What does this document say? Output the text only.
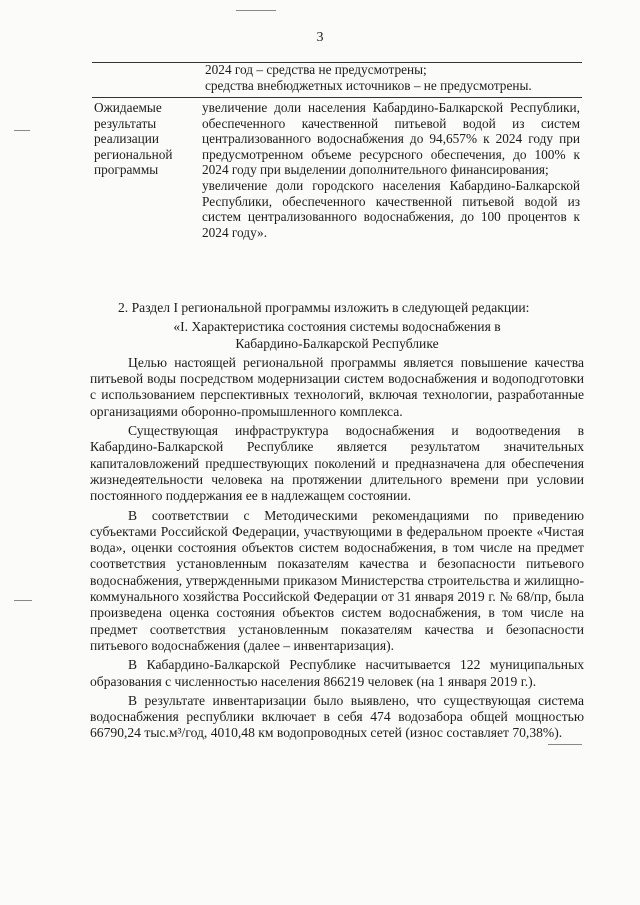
3
2024 год – средства не предусмотрены;
средства внебюджетных источников – не предусмотрены.
Ожидаемые результаты реализации региональной программы

увеличение доли населения Кабардино-Балкарской Республики, обеспеченного качественной питьевой водой из систем централизованного водоснабжения до 94,657% к 2024 году при предусмотренном объеме ресурсного обеспечения, до 100% к 2024 году при выделении дополнительного финансирования;

увеличение доли городского населения Кабардино-Балкарской Республики, обеспеченного качественной питьевой водой из систем централизованного водоснабжения, до 100 процентов к 2024 году».

2. Раздел I региональной программы изложить в следующей редакции:

«I. Характеристика состояния системы водоснабжения в

Кабардино-Балкарской Республике

Целью настоящей региональной программы является повышение качества питьевой воды посредством модернизации систем водоснабжения и водоподготовки с использованием перспективных технологий, включая технологии, разработанные организациями оборонно-промышленного комплекса.

Существующая инфраструктура водоснабжения и водоотведения в Кабардино-Балкарской Республике является результатом значительных капиталовложений предшествующих поколений и предназначена для обеспечения жизнедеятельности человека на протяжении длительного времени при условии постоянного поддержания ее в надлежащем состоянии.

В соответствии с Методическими рекомендациями по приведению субъектами Российской Федерации, участвующими в федеральном проекте «Чистая вода», оценки состояния объектов систем водоснабжения, в том числе на предмет соответствия установленным показателям качества и безопасности питьевого водоснабжения, утвержденными приказом Министерства строительства и жилищно-коммунального хозяйства Российской Федерации от 31 января 2019 г. № 68/пр, была произведена оценка состояния объектов систем водоснабжения, в том числе на предмет соответствия установленным показателям качества и безопасности питьевого водоснабжения (далее – инвентаризация).

В Кабардино-Балкарской Республике насчитывается 122 муниципальных образования с численностью населения 866219 человек (на 1 января 2019 г.).

В результате инвентаризации было выявлено, что существующая система водоснабжения республики включает в себя 474 водозабора общей мощностью 66790,24 тыс.м³/год, 4010,48 км водопроводных сетей (износ составляет 70,38%).
